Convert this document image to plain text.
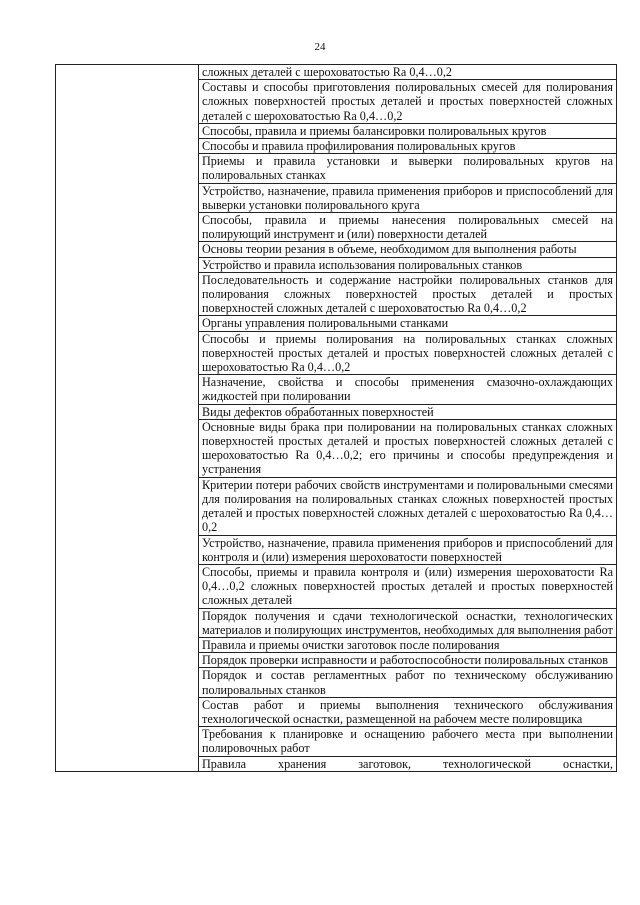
24
	сложных деталей с шероховатостью Ra 0,4…0,2
	Составы и способы приготовления полировальных смесей для полирования сложных поверхностей простых деталей и простых поверхностей сложных деталей с шероховатостью Ra 0,4…0,2
	Способы, правила и приемы балансировки полировальных кругов
	Способы и правила профилирования полировальных кругов
	Приемы и правила установки и выверки полировальных кругов на полировальных станках
	Устройство, назначение, правила применения приборов и приспособлений для выверки установки полировального круга
	Способы, правила и приемы нанесения полировальных смесей на полирующий инструмент и (или) поверхности деталей
	Основы теории резания в объеме, необходимом для выполнения работы
	Устройство и правила использования полировальных станков
	Последовательность и содержание настройки полировальных станков для полирования сложных поверхностей простых деталей и простых поверхностей сложных деталей с шероховатостью Ra 0,4…0,2
	Органы управления полировальными станками
	Способы и приемы полирования на полировальных станках сложных поверхностей простых деталей и простых поверхностей сложных деталей с шероховатостью Ra 0,4…0,2
	Назначение, свойства и способы применения смазочно-охлаждающих жидкостей при полировании
	Виды дефектов обработанных поверхностей
	Основные виды брака при полировании на полировальных станках сложных поверхностей простых деталей и простых поверхностей сложных деталей с шероховатостью Ra 0,4…0,2; его причины и способы предупреждения и устранения
	Критерии потери рабочих свойств инструментами и полировальными смесями для полирования на полировальных станках сложных поверхностей простых деталей и простых поверхностей сложных деталей с шероховатостью Ra 0,4…0,2
	Устройство, назначение, правила применения приборов и приспособлений для контроля и (или) измерения шероховатости поверхностей
	Способы, приемы и правила контроля и (или) измерения шероховатости Ra 0,4…0,2 сложных поверхностей простых деталей и простых поверхностей сложных деталей
	Порядок получения и сдачи технологической оснастки, технологических материалов и полирующих инструментов, необходимых для выполнения работ
	Правила и приемы очистки заготовок после полирования
	Порядок проверки исправности и работоспособности полировальных станков
	Порядок и состав регламентных работ по техническому обслуживанию полировальных станков
	Состав работ и приемы выполнения технического обслуживания технологической оснастки, размещенной на рабочем месте полировщика
	Требования к планировке и оснащению рабочего места при выполнении полировочных работ
	Правила хранения заготовок, технологической оснастки,
